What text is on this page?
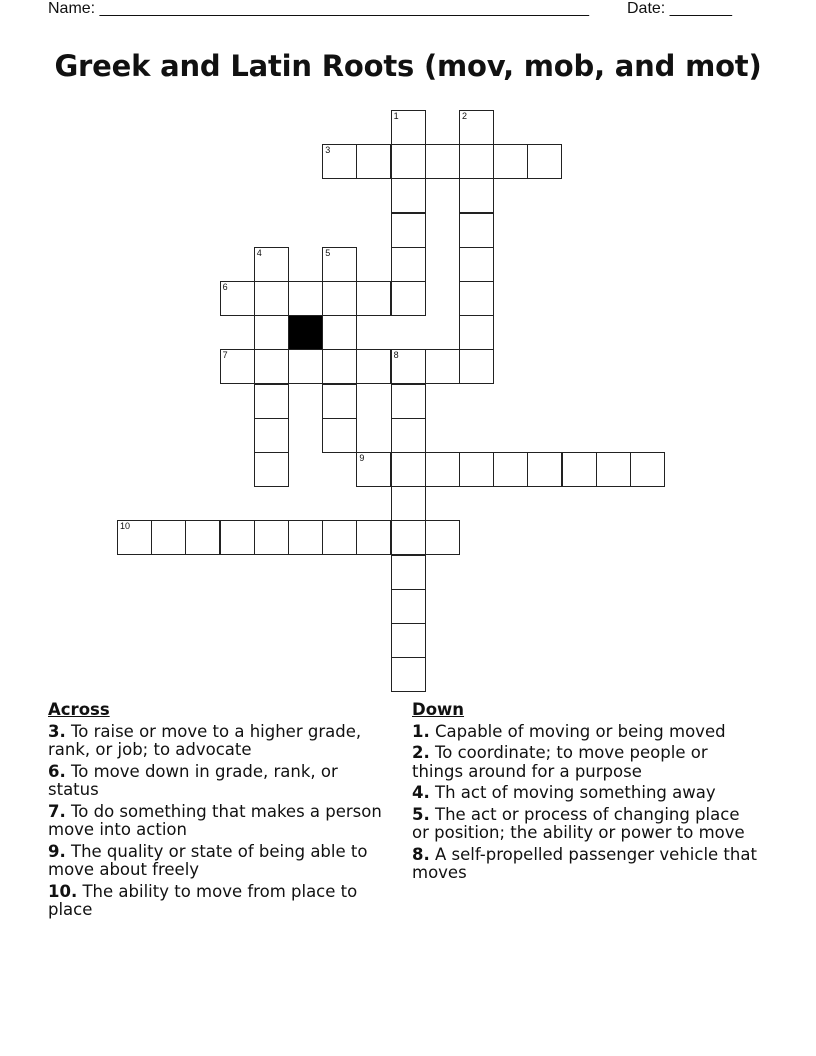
Name: _______________________________________________________ Date: _______
Greek and Latin Roots (mov, mob, and mot)
1	2
3
4	5
6
7	8
9
10
Across
3. To raise or move to a higher grade, rank, or job; to advocate
6. To move down in grade, rank, or status
7. To do something that makes a person move into action
9. The quality or state of being able to move about freely
10. The ability to move from place to place
Down
1. Capable of moving or being moved
2. To coordinate; to move people or things around for a purpose
4. Th act of moving something away
5. The act or process of changing place or position; the ability or power to move
8. A self-propelled passenger vehicle that moves
